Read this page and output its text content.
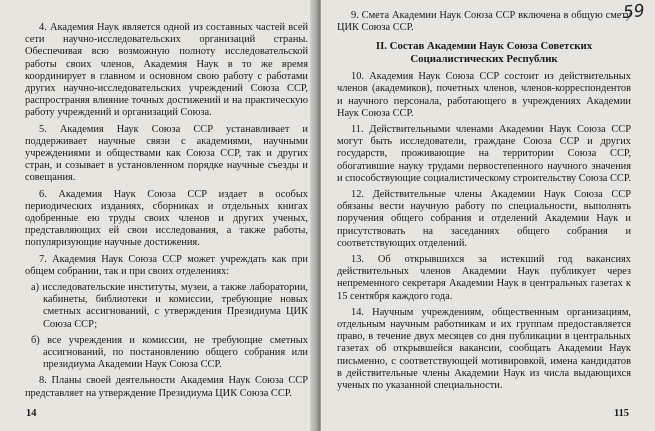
4. Академия Наук является одной из составных частей всей сети научно-исследовательских организаций страны. Обеспечивая всю возможную полноту исследовательской работы своих членов, Академия Наук в то же время координирует в главном и основном свою работу с работами других научно-исследовательских учреждений Союза ССР, распространяя влияние точных достижений и на практическую работу учреждений и организаций Союза.

5. Академия Наук Союза ССР устанавливает и поддерживает научные связи с академиями, научными учреждениями и обществами как Союза ССР, так и других стран, и созывает в установленном порядке научные съезды и совещания.

6. Академия Наук Союза ССР издает в особых периодических изданиях, сборниках и отдельных книгах одобренные ею труды своих членов и других ученых, представляющих ей свои исследования, а также работы, популяризующие научные достижения.

7. Академия Наук Союза ССР может учреждать как при общем собрании, так и при своих отделениях:

а) исследовательские институты, музеи, а также лаборатории, кабинеты, библиотеки и комиссии, требующие новых сметных ассигнований, с утверждения Президиума ЦИК Союза ССР;

б) все учреждения и комиссии, не требующие сметных ассигнований, по постановлению общего собрания или президиума Академии Наук Союза ССР.

8. Планы своей деятельности Академия Наук Союза ССР представляет на утверждение Президиума ЦИК Союза ССР.

14
59

9. Смета Академии Наук Союза ССР включена в общую смету ЦИК Союза ССР.

II. Состав Академии Наук Союза Советских Социалистических Республик

10. Академия Наук Союза ССР состоит из действительных членов (академиков), почетных членов, членов-корреспондентов и научного персонала, работающего в учреждениях Академии Наук Союза ССР.

11. Действительными членами Академии Наук Союза ССР могут быть исследователи, граждане Союза ССР и других государств, проживающие на территории Союза ССР, обогатившие науку трудами первостепенного научного значения и способствующие социалистическому строительству Союза ССР.

12. Действительные члены Академии Наук Союза ССР обязаны вести научную работу по специальности, выполнять поручения общего собрания и отделений Академии Наук и присутствовать на заседаниях общего собрания и соответствующих отделений.

13. Об открывшихся за истекший год вакансиях действительных членов Академии Наук публикует через непременного секретаря Академии Наук в центральных газетах к 15 сентября каждого года.

14. Научным учреждениям, общественным организациям, отдельным научным работникам и их группам предоставляется право, в течение двух месяцев со дня публикации в центральных газетах об открывшейся вакансии, сообщать Академии Наук письменно, с соответствующей мотивировкой, имена кандидатов в действительные члены Академии Наук из числа выдающихся ученых по указанной специальности.

115
